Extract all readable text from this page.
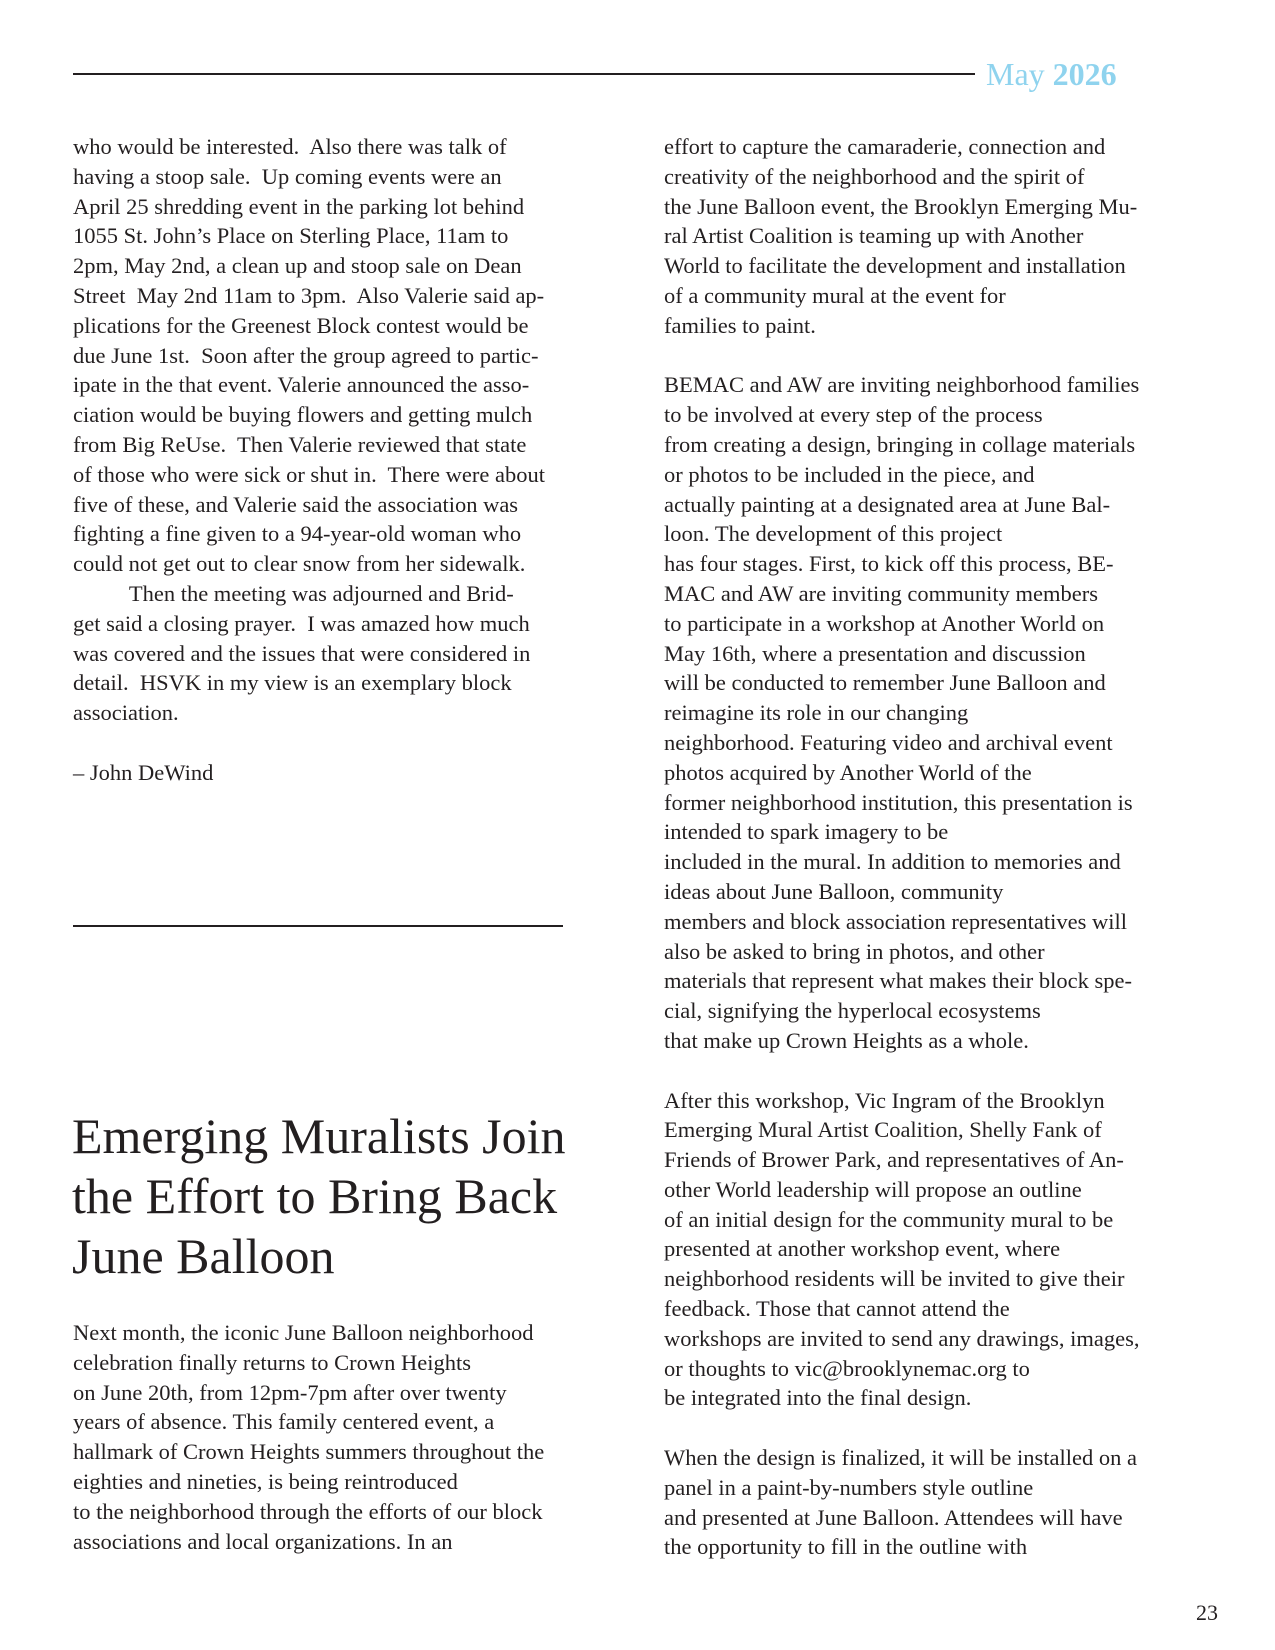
May 2026

who would be interested.  Also there was talk of

having a stoop sale.  Up coming events were an

April 25 shredding event in the parking lot behind

1055 St. John’s Place on Sterling Place, 11am to

2pm, May 2nd, a clean up and stoop sale on Dean

Street  May 2nd 11am to 3pm.  Also Valerie said ap-

plications for the Greenest Block contest would be

due June 1st.  Soon after the group agreed to partic-

ipate in the that event. Valerie announced the asso-

ciation would be buying flowers and getting mulch

from Big ReUse.  Then Valerie reviewed that state

of those who were sick or shut in.  There were about

five of these, and Valerie said the association was

fighting a fine given to a 94-year-old woman who

could not get out to clear snow from her sidewalk.

Then the meeting was adjourned and Brid-

get said a closing prayer.  I was amazed how much

was covered and the issues that were considered in

detail.  HSVK in my view is an exemplary block

association.

– John DeWind

Emerging Muralists Join the Effort to Bring Back June Balloon

Next month, the iconic June Balloon neighborhood

celebration finally returns to Crown Heights

on June 20th, from 12pm-7pm after over twenty

years of absence. This family centered event, a

hallmark of Crown Heights summers throughout the

eighties and nineties, is being reintroduced

to the neighborhood through the efforts of our block

associations and local organizations. In an

effort to capture the camaraderie, connection and

creativity of the neighborhood and the spirit of

the June Balloon event, the Brooklyn Emerging Mu-

ral Artist Coalition is teaming up with Another

World to facilitate the development and installation

of a community mural at the event for

families to paint.

BEMAC and AW are inviting neighborhood families

to be involved at every step of the process

from creating a design, bringing in collage materials

or photos to be included in the piece, and

actually painting at a designated area at June Bal-

loon. The development of this project

has four stages. First, to kick off this process, BE-

MAC and AW are inviting community members

to participate in a workshop at Another World on

May 16th, where a presentation and discussion

will be conducted to remember June Balloon and

reimagine its role in our changing

neighborhood. Featuring video and archival event

photos acquired by Another World of the

former neighborhood institution, this presentation is

intended to spark imagery to be

included in the mural. In addition to memories and

ideas about June Balloon, community

members and block association representatives will

also be asked to bring in photos, and other

materials that represent what makes their block spe-

cial, signifying the hyperlocal ecosystems

that make up Crown Heights as a whole.

After this workshop, Vic Ingram of the Brooklyn

Emerging Mural Artist Coalition, Shelly Fank of

Friends of Brower Park, and representatives of An-

other World leadership will propose an outline

of an initial design for the community mural to be

presented at another workshop event, where

neighborhood residents will be invited to give their

feedback. Those that cannot attend the

workshops are invited to send any drawings, images,

or thoughts to vic@brooklynemac.org to

be integrated into the final design.

When the design is finalized, it will be installed on a

panel in a paint-by-numbers style outline

and presented at June Balloon. Attendees will have

the opportunity to fill in the outline with

23
